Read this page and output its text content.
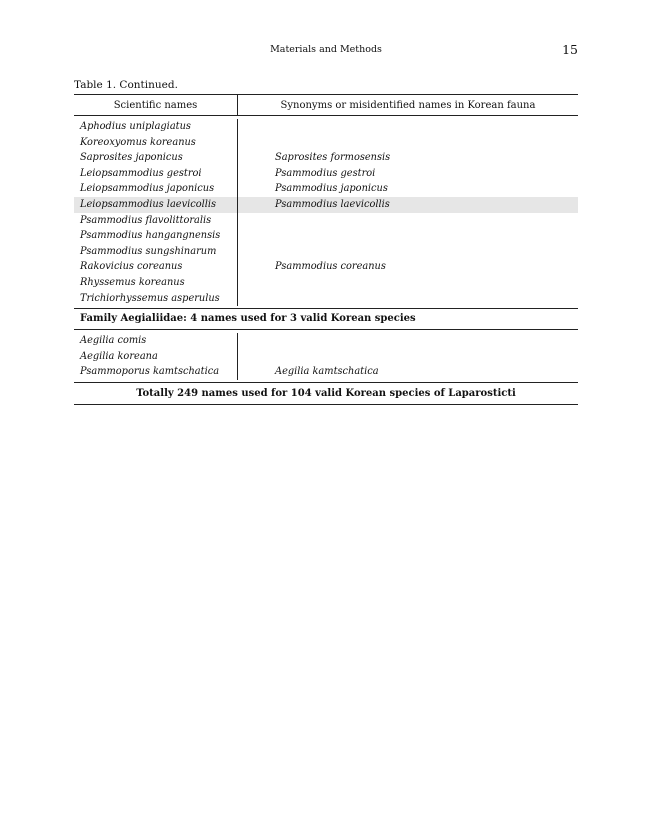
Materials and Methods	15
Table 1. Continued.
Scientific names	Synonyms or misidentified names in Korean fauna
Aphodius uniplagiatus
Koreoxyomus koreanus
Saprosites japonicus	Saprosites formosensis
Leiopsammodius gestroi	Psammodius gestroi
Leiopsammodius japonicus	Psammodius japonicus
Leiopsammodius laevicollis	Psammodius laevicollis
Psammodius flavolittoralis
Psammodius hangangnensis
Psammodius sungshinarum
Rakovicius coreanus	Psammodius coreanus
Rhyssemus koreanus
Trichiorhyssemus asperulus
Family Aegialiidae: 4 names used for 3 valid Korean species
Aegilia comis
Aegilia koreana
Psammoporus kamtschatica	Aegilia kamtschatica
Totally 249 names used for 104 valid Korean species of Laparosticti
